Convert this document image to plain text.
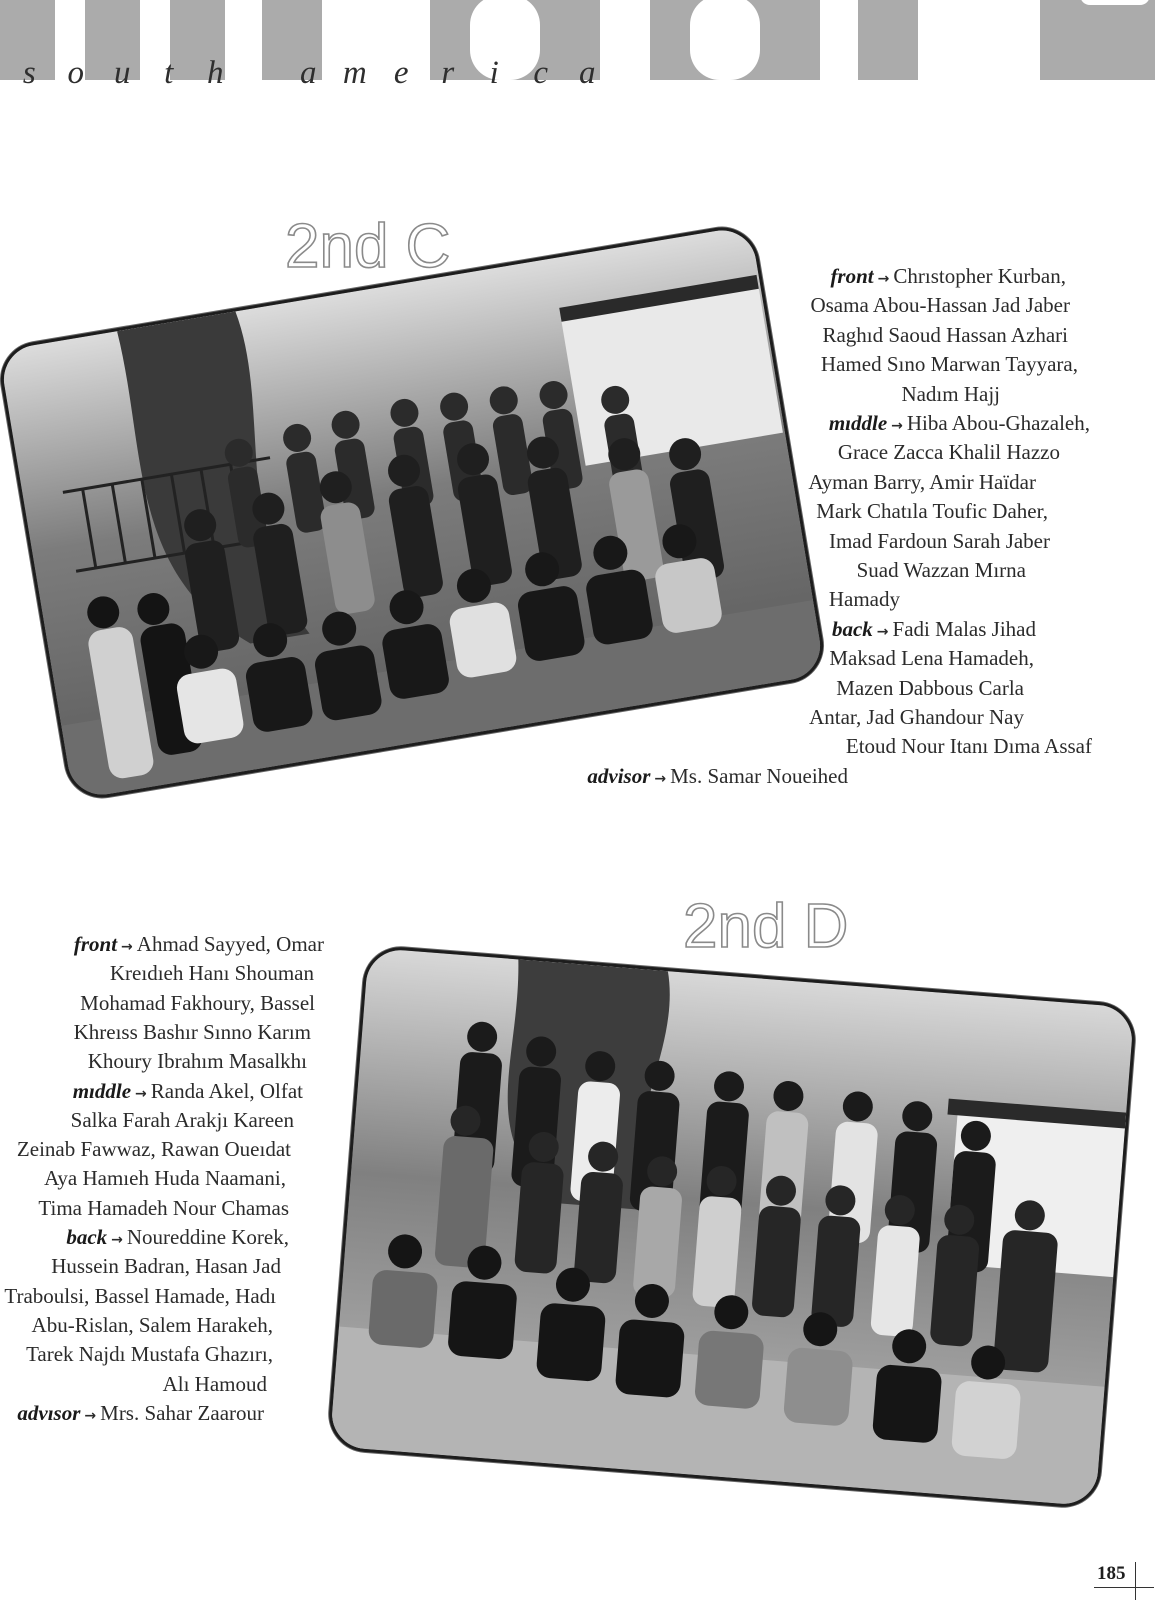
s o u	t	h	a m e r	i	c a
2nd C	front → Chrıstopher Kurban,
Osama Abou-Hassan Jad Jaber
Raghıd Saoud Hassan Azhari
Hamed Sıno Marwan Tayyara,
Nadım Hajj
mıddle → Hiba Abou-Ghazaleh,
Grace Zacca Khalil Hazzo
Ayman Barry, Amir Haïdar
Mark Chatıla Toufic Daher,
Imad Fardoun Sarah Jaber
Suad Wazzan Mırna
Hamady
back → Fadi Malas Jihad
Maksad Lena Hamadeh,
Mazen Dabbous Carla
Antar, Jad Ghandour Nay
Etoud Nour Itanı Dıma Assaf
advisor → Ms. Samar Noueihed
2nd D
front → Ahmad Sayyed, Omar
Kreıdıeh Hanı Shouman
Mohamad Fakhoury, Bassel
Khreıss Bashır Sınno Karım
Khoury Ibrahım Masalkhı
mıddle → Randa Akel, Olfat
Salka Farah Arakjı Kareen
Zeinab Fawwaz, Rawan Oueıdat
Aya Hamıeh Huda Naamani,
Tima Hamadeh Nour Chamas
back → Noureddine Korek,
Hussein Badran, Hasan Jad
Traboulsi, Bassel Hamade, Hadı
Abu-Rislan, Salem Harakeh,
Tarek Najdı Mustafa Ghazırı,
Alı Hamoud
advısor → Mrs. Sahar Zaarour
185
